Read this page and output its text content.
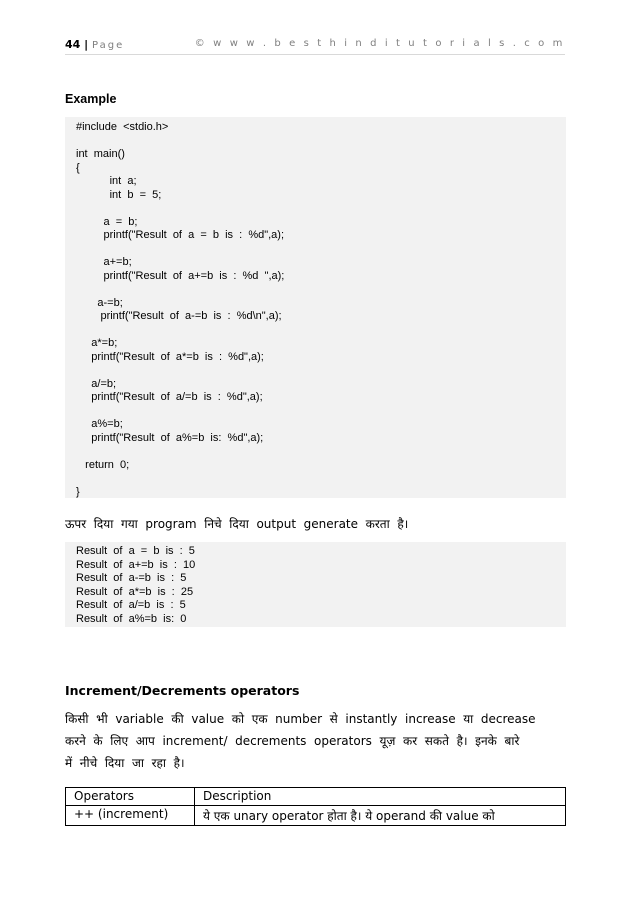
44 | Page	© w w w . b e s t h i n d i t u t o r i a l s . c o m
Example
#include  <stdio.h>
int  main()
{
int  a;
int  b  =  5;
a  =  b;
printf("Result  of  a  =  b  is  :  %d",a);
a+=b;
printf("Result  of  a+=b  is  :  %d  ",a);
a-=b;
printf("Result  of  a-=b  is  :  %d\n",a);
a*=b;
printf("Result  of  a*=b  is  :  %d",a);
a/=b;
printf("Result  of  a/=b  is  :  %d",a);
a%=b;
printf("Result  of  a%=b  is:  %d",a);
return  0;
}
ऊपर  दिया  गया  program  निचे  दिया  output  generate  करता  है।
Result  of  a  =  b  is  :  5
Result  of  a+=b  is  :  10
Result  of  a-=b  is  :  5
Result  of  a*=b  is  :  25
Result  of  a/=b  is  :  5
Result  of  a%=b  is:  0
Increment/Decrements operators
किसी  भी  variable  की  value  को  एक  number  से  instantly  increase  या  decrease
करने  के  लिए  आप  increment/  decrements  operators  यूज़  कर  सकते  है।  इनके  बारे
में  नीचे  दिया  जा  रहा  है।
Operators	Description
++ (increment)	ये एक unary operator होता है। ये operand की value को
